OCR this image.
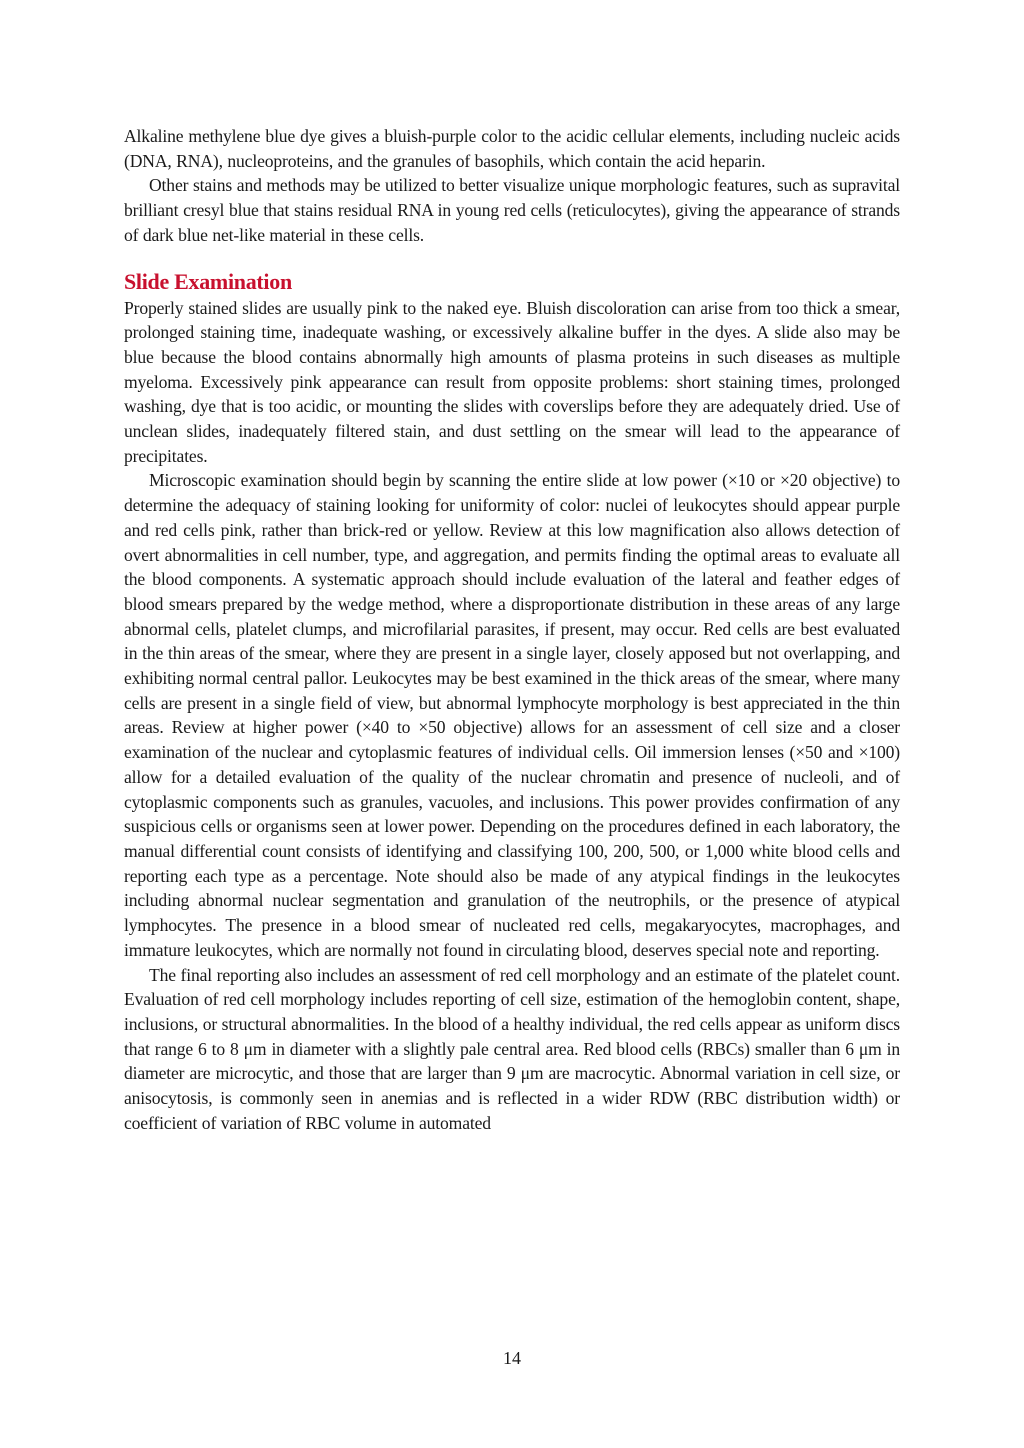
Alkaline methylene blue dye gives a bluish-purple color to the acidic cellular elements, including nucleic acids (DNA, RNA), nucleoproteins, and the granules of basophils, which contain the acid heparin.

Other stains and methods may be utilized to better visualize unique morphologic features, such as supravital brilliant cresyl blue that stains residual RNA in young red cells (reticulocytes), giving the appearance of strands of dark blue net-like material in these cells.

Slide Examination

Properly stained slides are usually pink to the naked eye. Bluish discoloration can arise from too thick a smear, prolonged staining time, inadequate washing, or excessively alkaline buffer in the dyes. A slide also may be blue because the blood contains abnormally high amounts of plasma proteins in such diseases as multiple myeloma. Excessively pink appearance can result from opposite problems: short staining times, prolonged washing, dye that is too acidic, or mounting the slides with coverslips before they are adequately dried. Use of unclean slides, inadequately filtered stain, and dust settling on the smear will lead to the appearance of precipitates.

Microscopic examination should begin by scanning the entire slide at low power (×10 or ×20 objective) to determine the adequacy of staining looking for uniformity of color: nuclei of leukocytes should appear purple and red cells pink, rather than brick-red or yellow. Review at this low magnification also allows detection of overt abnormalities in cell number, type, and aggregation, and permits finding the optimal areas to evaluate all the blood components. A systematic approach should include evaluation of the lateral and feather edges of blood smears prepared by the wedge method, where a disproportionate distribution in these areas of any large abnormal cells, platelet clumps, and microfilarial parasites, if present, may occur. Red cells are best evaluated in the thin areas of the smear, where they are present in a single layer, closely apposed but not overlapping, and exhibiting normal central pallor. Leukocytes may be best examined in the thick areas of the smear, where many cells are present in a single field of view, but abnormal lymphocyte morphology is best appreciated in the thin areas. Review at higher power (×40 to ×50 objective) allows for an assessment of cell size and a closer examination of the nuclear and cytoplasmic features of individual cells. Oil immersion lenses (×50 and ×100) allow for a detailed evaluation of the quality of the nuclear chromatin and presence of nucleoli, and of cytoplasmic components such as granules, vacuoles, and inclusions. This power provides confirmation of any suspicious cells or organisms seen at lower power. Depending on the procedures defined in each laboratory, the manual differential count consists of identifying and classifying 100, 200, 500, or 1,000 white blood cells and reporting each type as a percentage. Note should also be made of any atypical findings in the leukocytes including abnormal nuclear segmentation and granulation of the neutrophils, or the presence of atypical lymphocytes. The presence in a blood smear of nucleated red cells, megakaryocytes, macrophages, and immature leukocytes, which are normally not found in circulating blood, deserves special note and reporting.

The final reporting also includes an assessment of red cell morphology and an estimate of the platelet count. Evaluation of red cell morphology includes reporting of cell size, estimation of the hemoglobin content, shape, inclusions, or structural abnormalities. In the blood of a healthy individual, the red cells appear as uniform discs that range 6 to 8 μm in diameter with a slightly pale central area. Red blood cells (RBCs) smaller than 6 μm in diameter are microcytic, and those that are larger than 9 μm are macrocytic. Abnormal variation in cell size, or anisocytosis, is commonly seen in anemias and is reflected in a wider RDW (RBC distribution width) or coefficient of variation of RBC volume in automated

14
